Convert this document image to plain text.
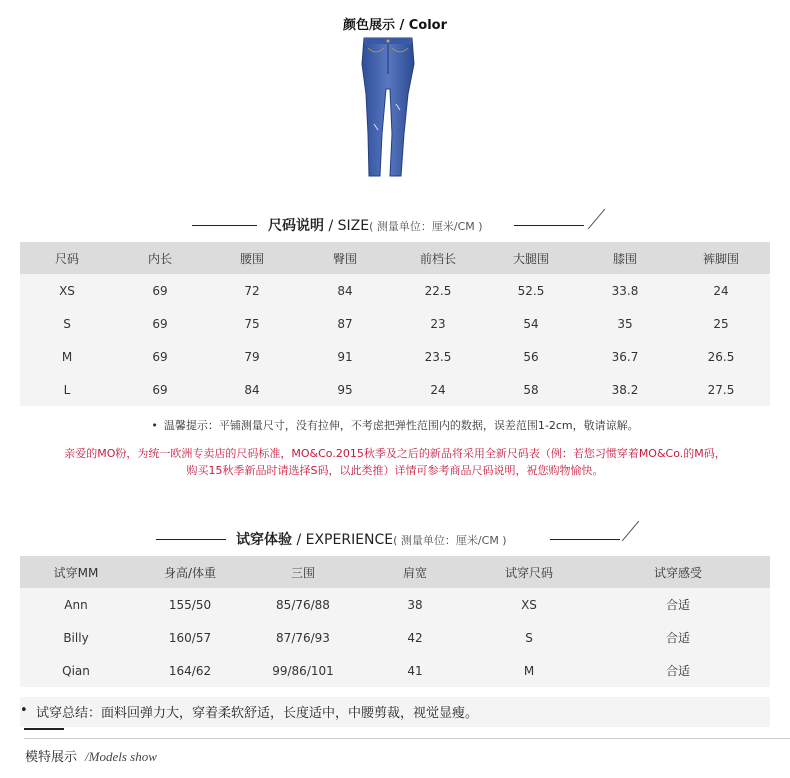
颜色展示 / Color
尺码说明 / SIZE( 测量单位：厘米/CM )
尺码	内长	腰围	臀围	前档长	大腿围	膝围	裤脚围
XS	69	72	84	22.5	52.5	33.8	24
S	69	75	87	23	54	35	25
M	69	79	91	23.5	56	36.7	26.5
L	69	84	95	24	58	38.2	27.5
• 温馨提示：平铺测量尺寸，没有拉伸，不考虑把弹性范围内的数据，误差范围1-2cm，敬请谅解。
亲爱的MO粉，为统一欧洲专卖店的尺码标准，MO&Co.2015秋季及之后的新品将采用全新尺码表（例：若您习惯穿着MO&Co.的M码，
购买15秋季新品时请选择S码，以此类推）详情可参考商品尺码说明，祝您购物愉快。
试穿体验 / EXPERIENCE( 测量单位：厘米/CM )
试穿MM	身高/体重	三围	肩宽	试穿尺码	试穿感受
Ann	155/50	85/76/88	38	XS	合适
Billy	160/57	87/76/93	42	S	合适
Qian	164/62	99/86/101	41	M	合适
• 试穿总结：面料回弹力大，穿着柔软舒适，长度适中，中腰剪裁，视觉显瘦。
模特展示 /Models show
